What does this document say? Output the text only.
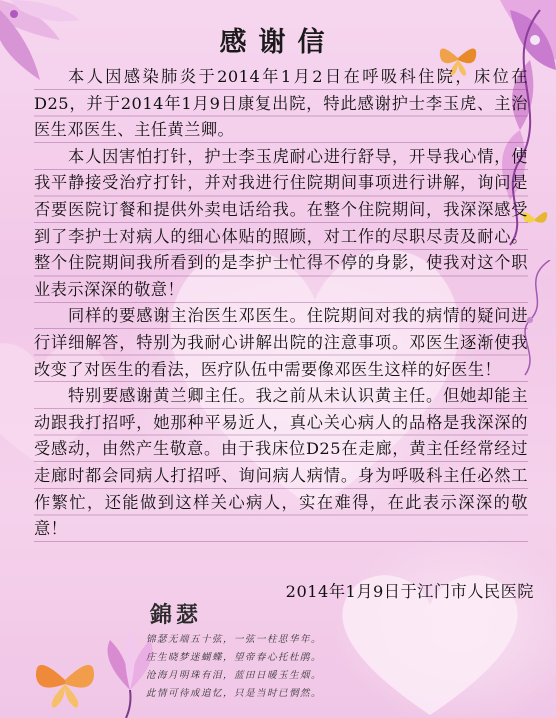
感谢信

本人因感染肺炎于2014年1月2日在呼吸科住院，床位在D25，并于2014年1月9日康复出院，特此感谢护士李玉虎、主治医生邓医生、主任黄兰卿。

本人因害怕打针，护士李玉虎耐心进行舒导，开导我心情，使我平静接受治疗打针，并对我进行住院期间事项进行讲解，询问是否要医院订餐和提供外卖电话给我。在整个住院期间，我深深感受到了李护士对病人的细心体贴的照顾，对工作的尽职尽责及耐心。整个住院期间我所看到的是李护士忙得不停的身影，使我对这个职业表示深深的敬意！

同样的要感谢主治医生邓医生。住院期间对我的病情的疑问进行详细解答，特别为我耐心讲解出院的注意事项。邓医生逐渐使我改变了对医生的看法，医疗队伍中需要像邓医生这样的好医生！

特别要感谢黄兰卿主任。我之前从未认识黄主任。但她却能主动跟我打招呼，她那种平易近人，真心关心病人的品格是我深深的受感动，由然产生敬意。由于我床位D25在走廊，黄主任经常经过走廊时都会同病人打招呼、询问病人病情。身为呼吸科主任必然工作繁忙，还能做到这样关心病人，实在难得，在此表示深深的敬意！

2014年1月9日于江门市人民医院
錦瑟
锦瑟无端五十弦，一弦一柱思华年。
庄生晓梦迷蝴蝶，望帝春心托杜鹃。
沧海月明珠有泪，蓝田日暖玉生烟。
此情可待成追忆，只是当时已惘然。
